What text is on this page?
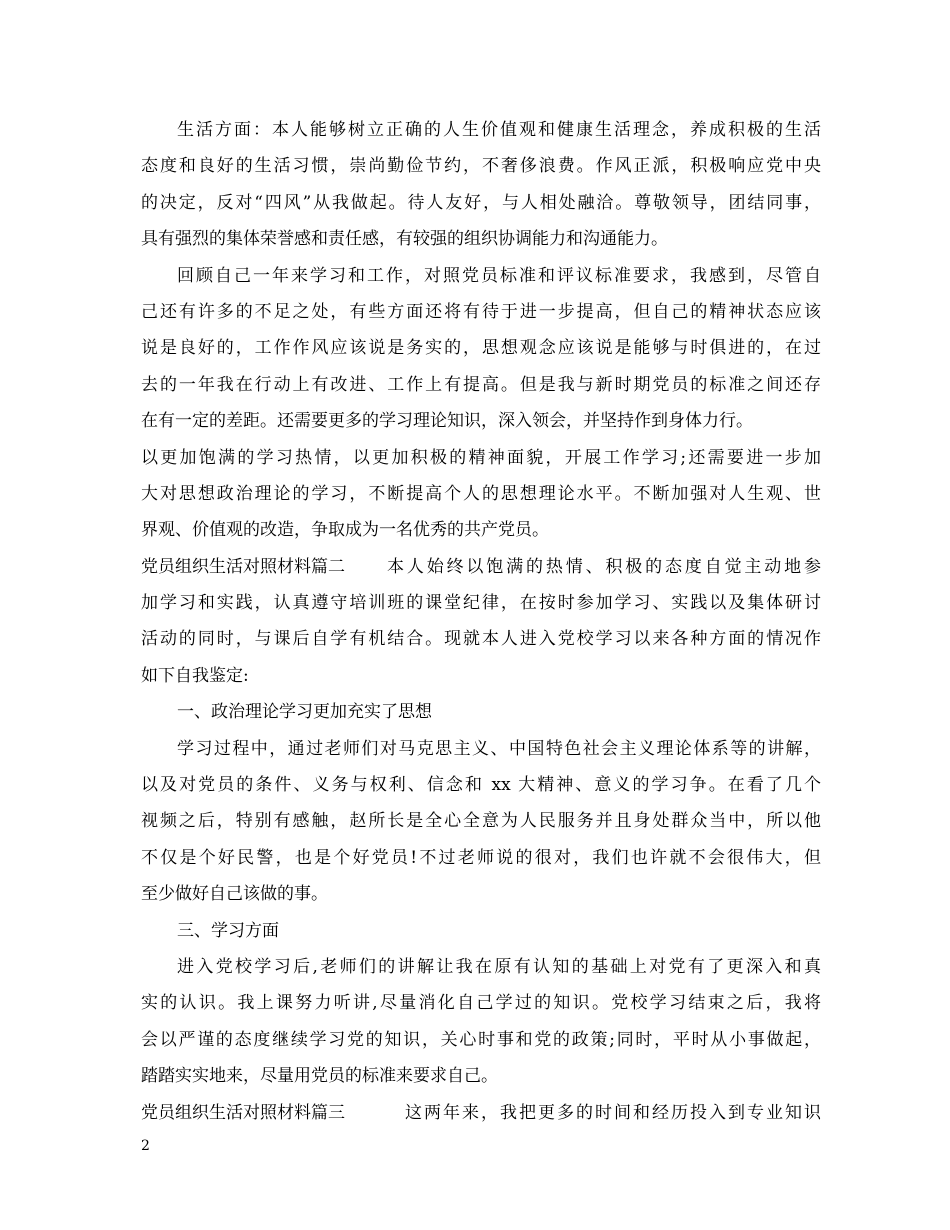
生活方面：本人能够树立正确的人生价值观和健康生活理念，养成积极的生活
态度和良好的生活习惯，崇尚勤俭节约，不奢侈浪费。作风正派，积极响应党中央
的决定，反对“四风”从我做起。待人友好，与人相处融洽。尊敬领导，团结同事，
具有强烈的集体荣誉感和责任感，有较强的组织协调能力和沟通能力。
回顾自己一年来学习和工作，对照党员标准和评议标准要求，我感到，尽管自
己还有许多的不足之处，有些方面还将有待于进一步提高，但自己的精神状态应该
说是良好的，工作作风应该说是务实的，思想观念应该说是能够与时俱进的，在过
去的一年我在行动上有改进、工作上有提高。但是我与新时期党员的标准之间还存
在有一定的差距。还需要更多的学习理论知识，深入领会，并坚持作到身体力行。
以更加饱满的学习热情，以更加积极的精神面貌，开展工作学习;还需要进一步加
大对思想政治理论的学习，不断提高个人的思想理论水平。不断加强对人生观、世
界观、价值观的改造，争取成为一名优秀的共产党员。
党员组织生活对照材料篇二 本人始终以饱满的热情、积极的态度自觉主动地参
加学习和实践，认真遵守培训班的课堂纪律，在按时参加学习、实践以及集体研讨
活动的同时，与课后自学有机结合。现就本人进入党校学习以来各种方面的情况作
如下自我鉴定:
一、政治理论学习更加充实了思想
学习过程中，通过老师们对马克思主义、中国特色社会主义理论体系等的讲解，
以及对党员的条件、义务与权利、信念和 xx 大精神、意义的学习争。在看了几个
视频之后，特别有感触，赵所长是全心全意为人民服务并且身处群众当中，所以他
不仅是个好民警，也是个好党员!不过老师说的很对，我们也许就不会很伟大，但
至少做好自己该做的事。
三、学习方面
进入党校学习后,老师们的讲解让我在原有认知的基础上对党有了更深入和真
实的认识。我上课努力听讲,尽量消化自己学过的知识。党校学习结束之后，我将
会以严谨的态度继续学习党的知识，关心时事和党的政策;同时，平时从小事做起，
踏踏实实地来，尽量用党员的标准来要求自己。
党员组织生活对照材料篇三	这两年来，我把更多的时间和经历投入到专业知识
2
